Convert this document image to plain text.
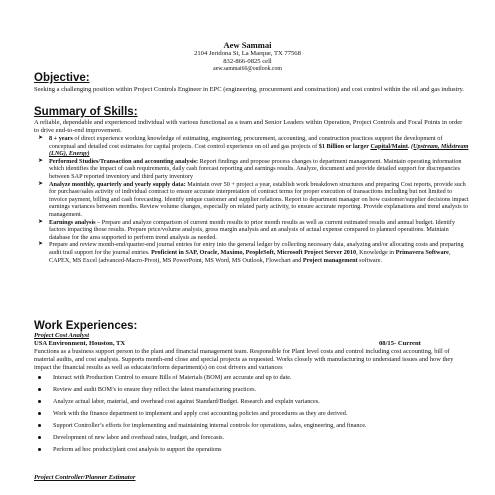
Aew Sammai
2104 Jeridona St, La Marque, TX 77568
832-866-0825 cell
aew.sammai66@outlook.com
Objective:
Seeking a challenging position within Project Controls Engineer in EPC (engineering, procurement and construction) and cost control within the oil and gas industry.
Summary of Skills:
A reliable, dependable and experienced individual with various functional as a team and Senior Leaders within Operation, Project Controls and Focal Points in order to drive end-to-end improvement.
➤ 8 + years of direct experience working knowledge of estimating, engineering, procurement, accounting, and construction practices support the development of conceptual and detailed cost estimates for capital projects. Cost control experience on oil and gas projects of $1 Billion or larger Capital/Maint. (Upstream, Midstream (LNG), Energy)
➤ Performed Studies/Transaction and accounting analysis: Report findings and propose process changes to department management. Maintain operating information which identifies the impact of cash requirements, daily cash forecast reporting and earnings results. Analyze, document and provide detailed support for discrepancies between SAP reported inventory and third party inventory
➤ Analyze monthly, quarterly and yearly supply data: Maintain over 50 + project a year, establish work breakdown structures and preparing Cost reports, provide such for purchase/sales activity of individual contract to ensure accurate interpretation of contract terms for proper execution of transactions including but not limited to invoice payment, billing and cash forecasting. Identify unique customer and supplier relations. Report to department manager on how customer/supplier decisions impact earnings variances between months. Review volume changes, especially on related party activity, to ensure accurate reporting. Provide explanations and trend analysis to management.
➤ Earnings analysis – Prepare and analyze comparison of current month results to prior month results as well as current estimated results and annual budget. Identify factors impacting those results. Prepare price/volume analysis, gross margin analysis and an analysis of actual expense compared to planned operations. Maintain database for the area supported to perform trend analysis as needed.
➤ Prepare and review month-end/quarter-end journal entries for entry into the general ledger by collecting necessary data, analyzing and/or allocating costs and preparing audit trail support for the journal entries. Proficient in SAP, Oracle, Maximo, PeopleSoft, Microsoft Project Server 2010, Knowledge in Primavera Software, CAPEX, MS Excel (advanced-Macro-Pivot), MS PowerPoint, MS Word, MS Outlook, Flowchart and Project management software.
Work Experiences:
Project Cost Analyst
USA Environment, Houston, TX	08/15- Current
Functions as a business support person to the plant and financial management team. Responsible for Plant level costs and control including cost accounting, bill of material audits, and cost analysis. Supports month-end close and special projects as requested. Works closely with manufacturing to understand issues and how they impact the financial results as well as educate/inform department(s) on cost drivers and variances
Interact with Production Control to ensure Bills of Materials (BOM) are accurate and up to date.
Review and audit BOM’s to ensure they reflect the latest manufacturing practices.
Analyze actual labor, material, and overhead cost against Standard/Budget. Research and explain variances.
Work with the finance department to implement and apply cost accounting policies and procedures as they are derived.
Support Controller’s efforts for implementing and maintaining internal controls for operations, sales, engineering, and finance.
Development of new labor and overhead rates, budget, and forecasts.
Perform ad hoc product/plant cost analysis to support the operations
Project Controller/Planner Estimator
